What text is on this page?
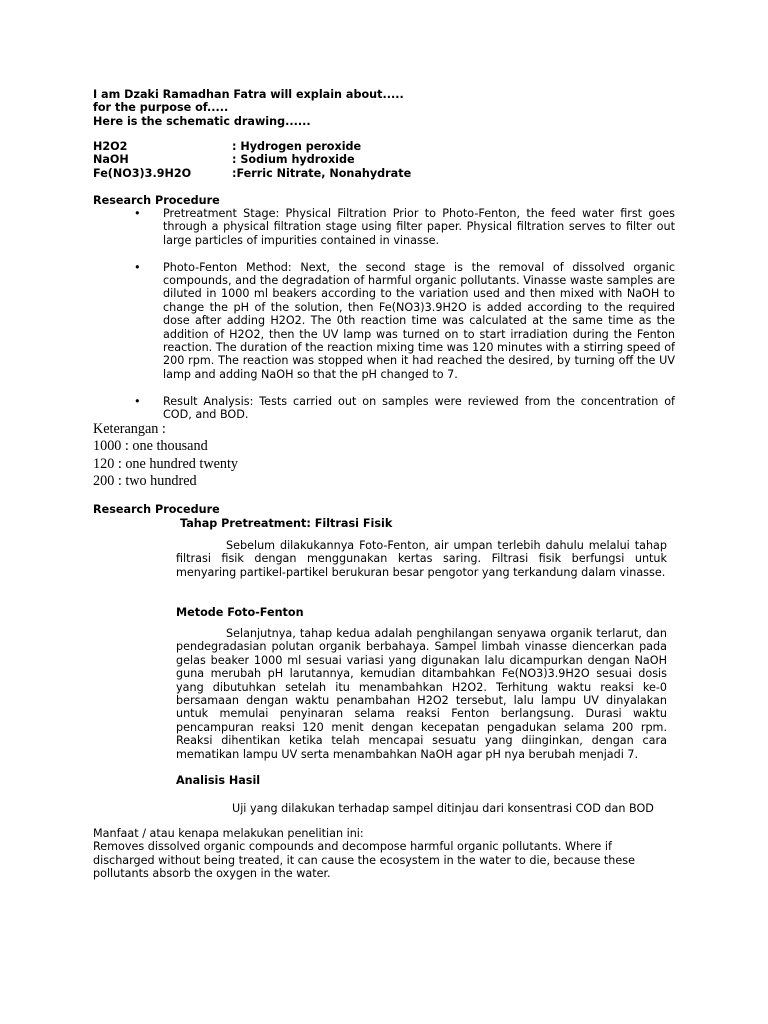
I am Dzaki Ramadhan Fatra will explain about.....
for the purpose of.....
Here is the schematic drawing......
H2O2	: Hydrogen peroxide
NaOH	: Sodium hydroxide
Fe(NO3)3.9H2O	:Ferric Nitrate, Nonahydrate
Research Procedure
• Pretreatment Stage: Physical Filtration Prior to Photo-Fenton, the feed water first goes through a physical filtration stage using filter paper. Physical filtration serves to filter out large particles of impurities contained in vinasse.
• Photo-Fenton Method: Next, the second stage is the removal of dissolved organic compounds, and the degradation of harmful organic pollutants. Vinasse waste samples are diluted in 1000 ml beakers according to the variation used and then mixed with NaOH to change the pH of the solution, then Fe(NO3)3.9H2O is added according to the required dose after adding H2O2. The 0th reaction time was calculated at the same time as the addition of H2O2, then the UV lamp was turned on to start irradiation during the Fenton reaction. The duration of the reaction mixing time was 120 minutes with a stirring speed of 200 rpm. The reaction was stopped when it had reached the desired, by turning off the UV lamp and adding NaOH so that the pH changed to 7.
• Result Analysis: Tests carried out on samples were reviewed from the concentration of COD, and BOD.
Keterangan :
1000 : one thousand
120 : one hundred twenty
200 : two hundred
Research Procedure
Tahap Pretreatment: Filtrasi Fisik
Sebelum dilakukannya Foto-Fenton, air umpan terlebih dahulu melalui tahap filtrasi fisik dengan menggunakan kertas saring. Filtrasi fisik berfungsi untuk menyaring partikel-partikel berukuran besar pengotor yang terkandung dalam vinasse.
Metode Foto-Fenton
Selanjutnya, tahap kedua adalah penghilangan senyawa organik terlarut, dan pendegradasian polutan organik berbahaya. Sampel limbah vinasse diencerkan pada gelas beaker 1000 ml sesuai variasi yang digunakan lalu dicampurkan dengan NaOH guna merubah pH larutannya, kemudian ditambahkan Fe(NO3)3.9H2O sesuai dosis yang dibutuhkan setelah itu menambahkan H2O2. Terhitung waktu reaksi ke-0 bersamaan dengan waktu penambahan H2O2 tersebut, lalu lampu UV dinyalakan untuk memulai penyinaran selama reaksi Fenton berlangsung. Durasi waktu pencampuran reaksi 120 menit dengan kecepatan pengadukan selama 200 rpm. Reaksi dihentikan ketika telah mencapai sesuatu yang diinginkan, dengan cara mematikan lampu UV serta menambahkan NaOH agar pH nya berubah menjadi 7.
Analisis Hasil
Uji yang dilakukan terhadap sampel ditinjau dari konsentrasi COD dan BOD
Manfaat / atau kenapa melakukan penelitian ini:
Removes dissolved organic compounds and decompose harmful organic pollutants. Where if
discharged without being treated, it can cause the ecosystem in the water to die, because these
pollutants absorb the oxygen in the water.
